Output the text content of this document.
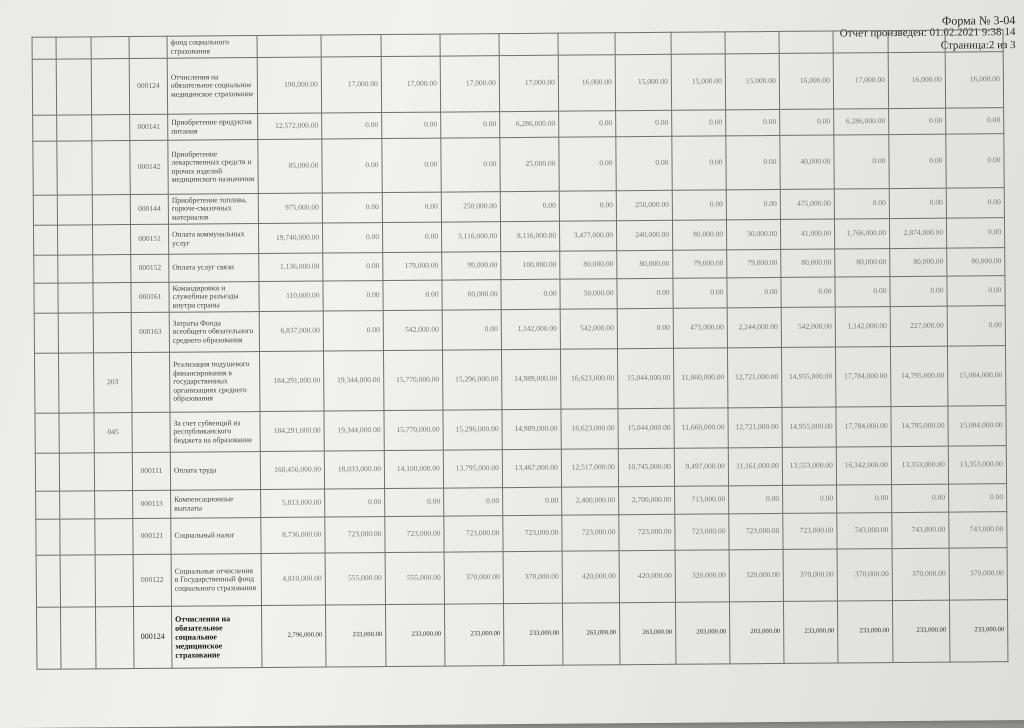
Форма № 3-04
Отчет произведен: 01.02.2021 9:38:14
Страница:2 из 3
				фонд социального страхования													
			000124	Отчисления на обязательное социальное медицинское страхование	190,000.00	17,000.00	17,000.00	17,000.00	17,000.00	16,000.00	15,000.00	15,000.00	15,000.00	16,000.00	17,000.00	16,000.00	16,000.00
			000141	Приобретение продуктов питания	12,572,000.00	0.00	0.00	0.00	6,286,000.00	0.00	0.00	0.00	0.00	0.00	6,286,000.00	0.00	0.00
			000142	Приобретение лекарственных средств и прочих изделий медицинского назначения	85,000.00	0.00	0.00	0.00	25,000.00	0.00	0.00	0.00	0.00	40,000.00	0.00	0.00	0.00
			000144	Приобретение топлива, горюче-смазочных материалов	975,000.00	0.00	0.00	250,000.00	0.00	0.00	250,000.00	0.00	0.00	475,000.00	0.00	0.00	0.00
			000151	Оплата коммунальных услуг	19,740,000.00	0.00	0.00	3,116,000.00	8,116,000.00	3,477,000.00	240,000.00	80,000.00	30,000.00	41,000.00	1,766,000.00	2,874,000.00	0.00
			000152	Оплата услуг связи	1,136,000.00	0.00	179,000.00	99,000.00	100,000.00	80,000.00	80,000.00	79,000.00	79,000.00	80,000.00	80,000.00	80,000.00	80,000.00
			000161	Командировки и служебные разъезды внутри страны	110,000.00	0.00	0.00	60,000.00	0.00	50,000.00	0.00	0.00	0.00	0.00	0.00	0.00	0.00
			000163	Затраты Фонда всеобщего обязательного среднего образования	6,837,000.00	0.00	542,000.00	0.00	1,142,000.00	542,000.00	0.00	475,000.00	2,244,000.00	542,000.00	1,142,000.00	227,000.00	0.00
		203		Реализация подушевого финансирования в государственных организациях среднего образования	184,291,000.00	19,344,000.00	15,770,000.00	15,296,000.00	14,989,000.00	16,623,000.00	15,044,000.00	11,660,000.00	12,721,000.00	14,955,000.00	17,784,000.00	14,795,000.00	15,084,000.00
		045		За счет субвенций из республиканского бюджета на образование	184,291,000.00	19,344,000.00	15,770,000.00	15,296,000.00	14,989,000.00	16,623,000.00	15,044,000.00	11,660,000.00	12,721,000.00	14,955,000.00	17,784,000.00	14,795,000.00	15,084,000.00
			000111	Оплата труда	160,456,000.00	18,033,000.00	14,100,000.00	13,795,000.00	13,467,000.00	12,517,000.00	10,745,000.00	9,497,000.00	11,161,000.00	13,553,000.00	16,342,000.00	13,353,000.00	13,353,000.00
			000113	Компенсационные выплаты	5,813,000.00	0.00	0.00	0.00	0.00	2,400,000.00	2,700,000.00	713,000.00	0.00	0.00	0.00	0.00	0.00
			000121	Социальный налог	8,736,000.00	723,000.00	723,000.00	723,000.00	723,000.00	723,000.00	723,000.00	723,000.00	723,000.00	723,000.00	743,000.00	743,000.00	743,000.00
			000122	Социальные отчисления в Государственный фонд социального страхования	4,810,000.00	555,000.00	555,000.00	370,000.00	370,000.00	420,000.00	420,000.00	320,000.00	320,000.00	370,000.00	370,000.00	370,000.00	370,000.00
			000124	Отчисления на обязательное социальное медицинское страхование	2,796,000.00	233,000.00	233,000.00	233,000.00	233,000.00	263,000.00	263,000.00	203,000.00	203,000.00	233,000.00	233,000.00	233,000.00	233,000.00
